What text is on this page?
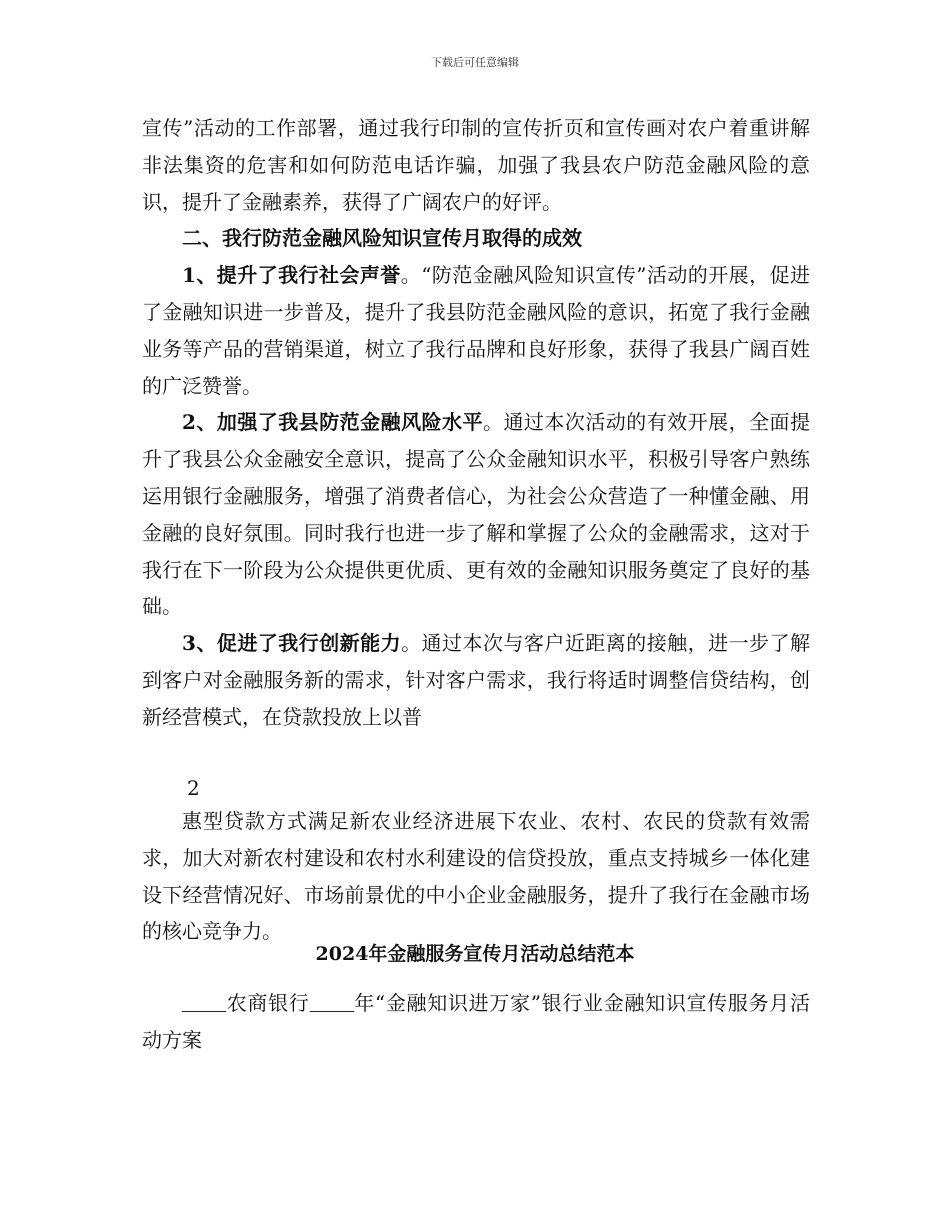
下载后可任意编辑

宣传”活动的工作部署，通过我行印制的宣传折页和宣传画对农户着重讲解非法集资的危害和如何防范电话诈骗，加强了我县农户防范金融风险的意识，提升了金融素养，获得了广阔农户的好评。

二、我行防范金融风险知识宣传月取得的成效

1、提升了我行社会声誉。“防范金融风险知识宣传”活动的开展，促进了金融知识进一步普及，提升了我县防范金融风险的意识，拓宽了我行金融业务等产品的营销渠道，树立了我行品牌和良好形象，获得了我县广阔百姓的广泛赞誉。

2、加强了我县防范金融风险水平。通过本次活动的有效开展，全面提升了我县公众金融安全意识，提高了公众金融知识水平，积极引导客户熟练运用银行金融服务，增强了消费者信心，为社会公众营造了一种懂金融、用金融的良好氛围。同时我行也进一步了解和掌握了公众的金融需求，这对于我行在下一阶段为公众提供更优质、更有效的金融知识服务奠定了良好的基础。

3、促进了我行创新能力。通过本次与客户近距离的接触，进一步了解到客户对金融服务新的需求，针对客户需求，我行将适时调整信贷结构，创新经营模式，在贷款投放上以普

2

惠型贷款方式满足新农业经济进展下农业、农村、农民的贷款有效需求，加大对新农村建设和农村水利建设的信贷投放，重点支持城乡一体化建设下经营情况好、市场前景优的中小企业金融服务，提升了我行在金融市场的核心竞争力。

2024年金融服务宣传月活动总结范本

农商银行 年“金融知识进万家”银行业金融知识宣传服务月活动方案
